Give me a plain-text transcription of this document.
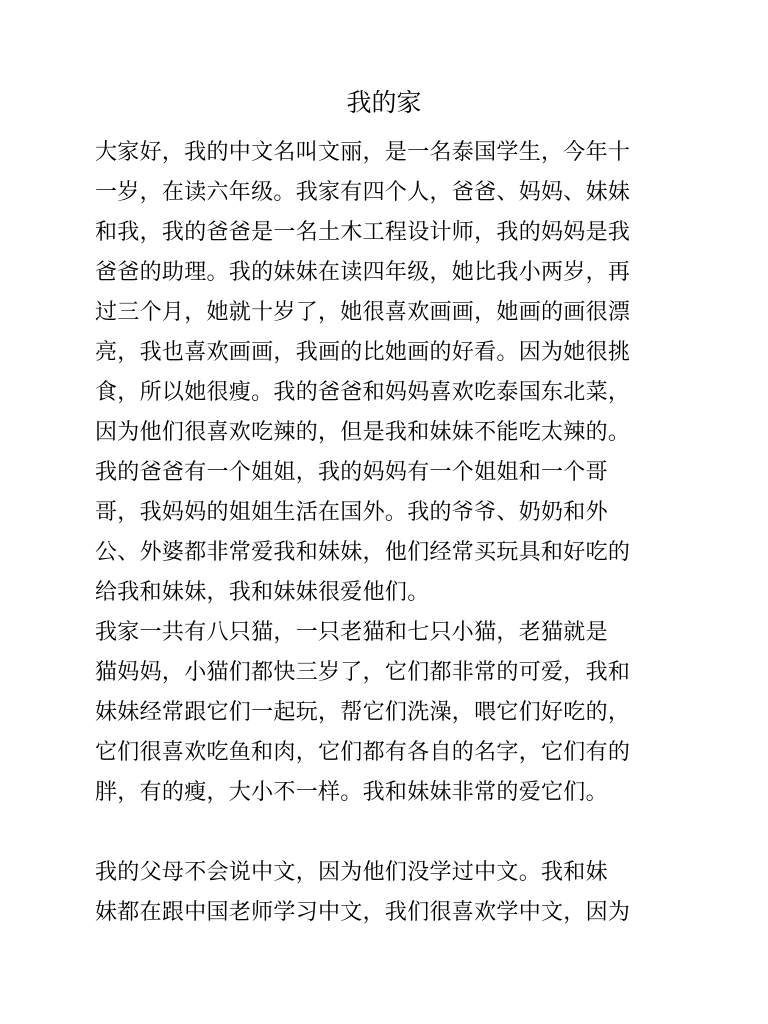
我的家

大家好，我的中文名叫文丽，是一名泰国学生，今年十

一岁，在读六年级。我家有四个人，爸爸、妈妈、妹妹

和我，我的爸爸是一名土木工程设计师，我的妈妈是我

爸爸的助理。我的妹妹在读四年级，她比我小两岁，再

过三个月，她就十岁了，她很喜欢画画，她画的画很漂

亮，我也喜欢画画，我画的比她画的好看。因为她很挑

食，所以她很瘦。我的爸爸和妈妈喜欢吃泰国东北菜，

因为他们很喜欢吃辣的，但是我和妹妹不能吃太辣的。

我的爸爸有一个姐姐，我的妈妈有一个姐姐和一个哥

哥，我妈妈的姐姐生活在国外。我的爷爷、奶奶和外

公、外婆都非常爱我和妹妹，他们经常买玩具和好吃的

给我和妹妹，我和妹妹很爱他们。

我家一共有八只猫，一只老猫和七只小猫，老猫就是

猫妈妈，小猫们都快三岁了，它们都非常的可爱，我和

妹妹经常跟它们一起玩，帮它们洗澡，喂它们好吃的，

它们很喜欢吃鱼和肉，它们都有各自的名字，它们有的

胖，有的瘦，大小不一样。我和妹妹非常的爱它们。

我的父母不会说中文，因为他们没学过中文。我和妹

妹都在跟中国老师学习中文，我们很喜欢学中文，因为
